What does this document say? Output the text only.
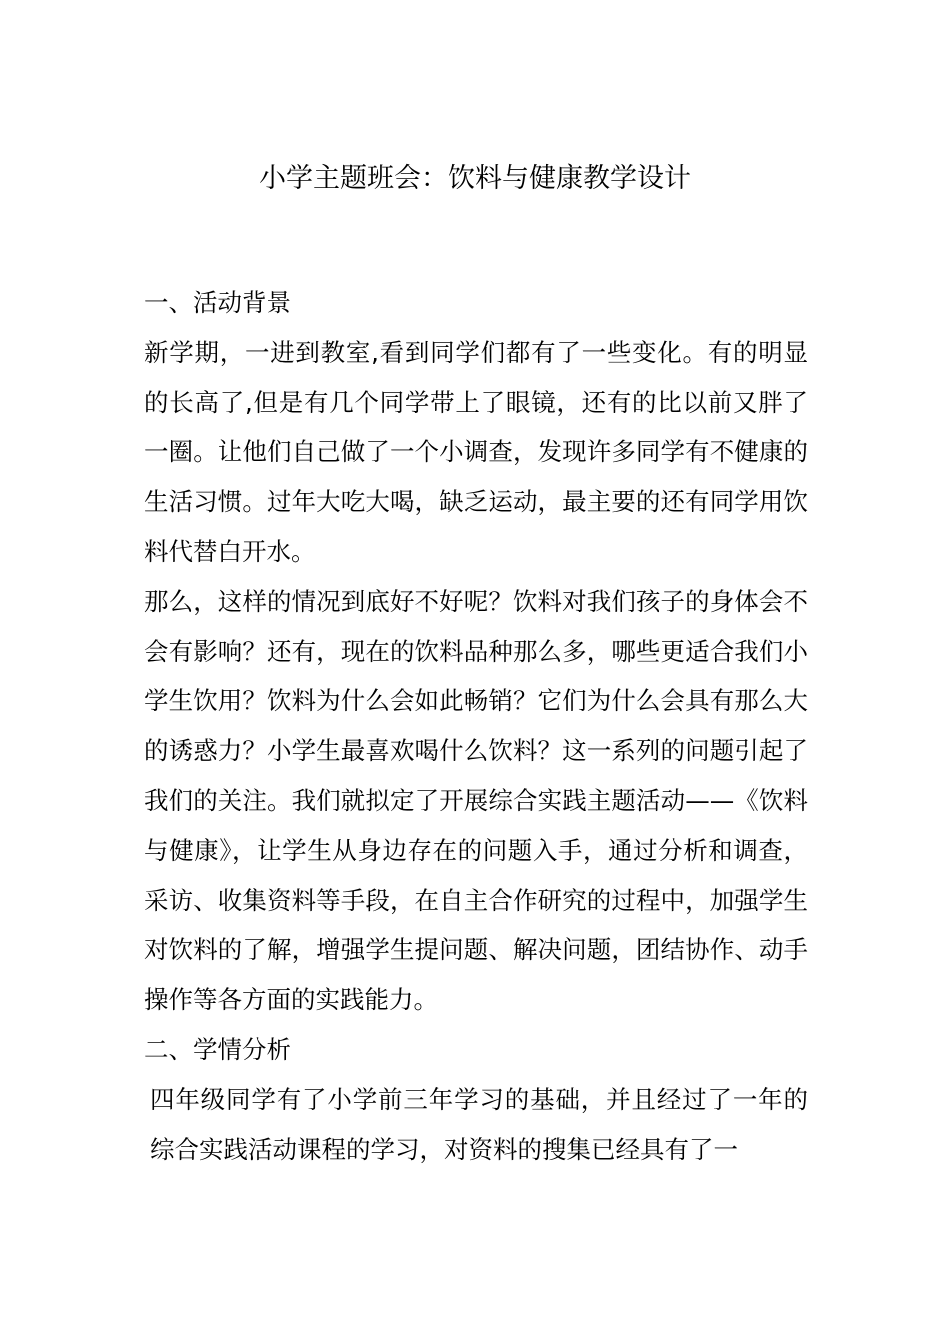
小学主题班会：饮料与健康教学设计
一、活动背景

新学期，一进到教室,看到同学们都有了一些变化。有的明显的长高了,但是有几个同学带上了眼镜，还有的比以前又胖了一圈。让他们自己做了一个小调查，发现许多同学有不健康的生活习惯。过年大吃大喝，缺乏运动，最主要的还有同学用饮料代替白开水。

那么，这样的情况到底好不好呢？饮料对我们孩子的身体会不会有影响？还有，现在的饮料品种那么多，哪些更适合我们小学生饮用？饮料为什么会如此畅销？它们为什么会具有那么大的诱惑力？小学生最喜欢喝什么饮料？这一系列的问题引起了我们的关注。我们就拟定了开展综合实践主题活动——《饮料与健康》，让学生从身边存在的问题入手，通过分析和调查，采访、收集资料等手段，在自主合作研究的过程中，加强学生对饮料的了解，增强学生提问题、解决问题，团结协作、动手操作等各方面的实践能力。

二、学情分析

四年级同学有了小学前三年学习的基础，并且经过了一年的综合实践活动课程的学习，对资料的搜集已经具有了一
